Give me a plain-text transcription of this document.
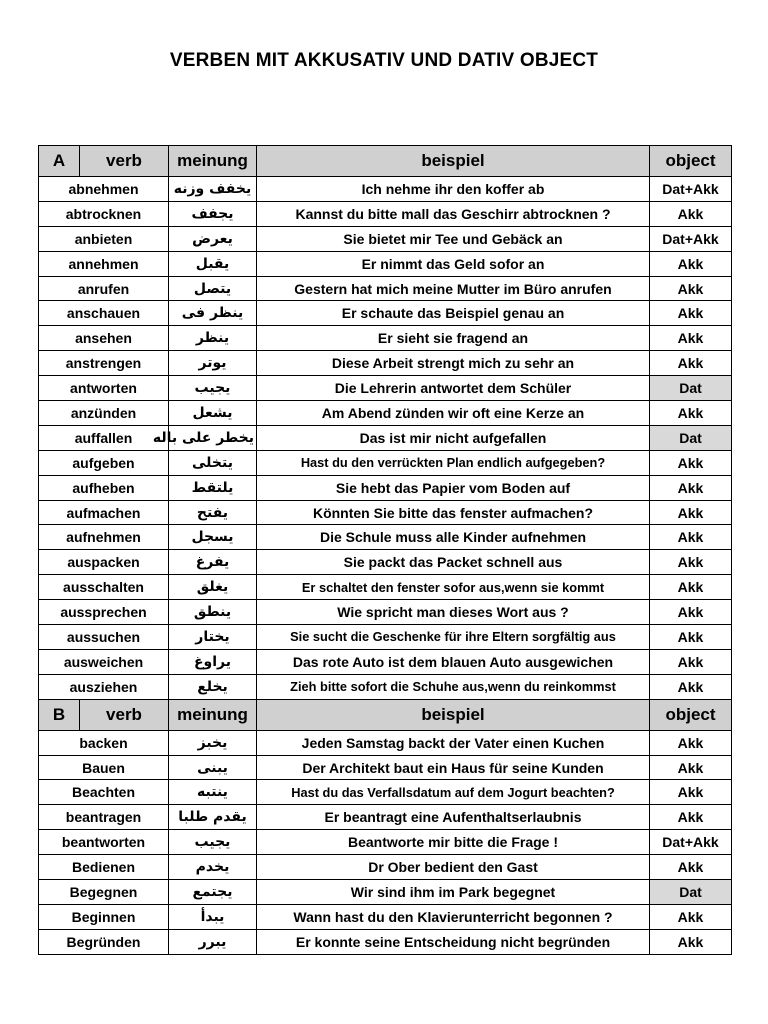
VERBEN MIT AKKUSATIV UND DATIV OBJECT
A	verb	meinung	beispiel	object
abnehmen		يخفف وزنه	Ich nehme ihr den koffer ab	Dat+Akk
abtrocknen		يجفف	Kannst du bitte mall das Geschirr abtrocknen ?	Akk
anbieten		يعرض	Sie bietet mir Tee und Gebäck an	Dat+Akk
annehmen		يقبل	Er nimmt das Geld sofor an	Akk
anrufen		يتصل	Gestern hat mich meine Mutter im Büro anrufen	Akk
anschauen		ينظر فى	Er schaute das Beispiel genau an	Akk
ansehen		ينظر	Er sieht sie fragend an	Akk
anstrengen		يوتر	Diese Arbeit strengt mich zu sehr an	Akk
antworten		يجيب	Die Lehrerin antwortet dem Schüler	Dat
anzünden		يشعل	Am Abend zünden wir oft eine Kerze an	Akk
auffallen		يخطر على باله	Das ist mir nicht aufgefallen	Dat
aufgeben		يتخلى	Hast du den verrückten Plan endlich aufgegeben?	Akk
aufheben		يلتقط	Sie hebt das Papier vom Boden auf	Akk
aufmachen		يفتح	Könnten Sie bitte das fenster aufmachen?	Akk
aufnehmen		يسجل	Die Schule muss alle Kinder aufnehmen	Akk
auspacken		يفرغ	Sie packt das Packet schnell aus	Akk
ausschalten		يغلق	Er schaltet den fenster sofor aus,wenn sie kommt	Akk
aussprechen		ينطق	Wie spricht man dieses Wort aus ?	Akk
aussuchen		يختار	Sie sucht die Geschenke für ihre Eltern sorgfältig aus	Akk
ausweichen		يراوغ	Das rote Auto ist dem blauen Auto ausgewichen	Akk
ausziehen		يخلع	Zieh bitte sofort die Schuhe aus,wenn du reinkommst	Akk
B	verb	meinung	beispiel	object
backen		يخبز	Jeden Samstag backt der Vater einen Kuchen	Akk
Bauen		يبنى	Der Architekt baut ein Haus für seine Kunden	Akk
Beachten		ينتبه	Hast du das Verfallsdatum auf dem Jogurt beachten?	Akk
beantragen		يقدم طلبا	Er beantragt eine Aufenthaltserlaubnis	Akk
beantworten		يجيب	Beantworte mir bitte die Frage !	Dat+Akk
Bedienen		يخدم	Dr Ober bedient den Gast	Akk
Begegnen		يجتمع	Wir sind ihm im Park begegnet	Dat
Beginnen		يبدأ	Wann hast du den Klavierunterricht begonnen ?	Akk
Begründen		يبرر	Er konnte seine Entscheidung nicht begründen	Akk
